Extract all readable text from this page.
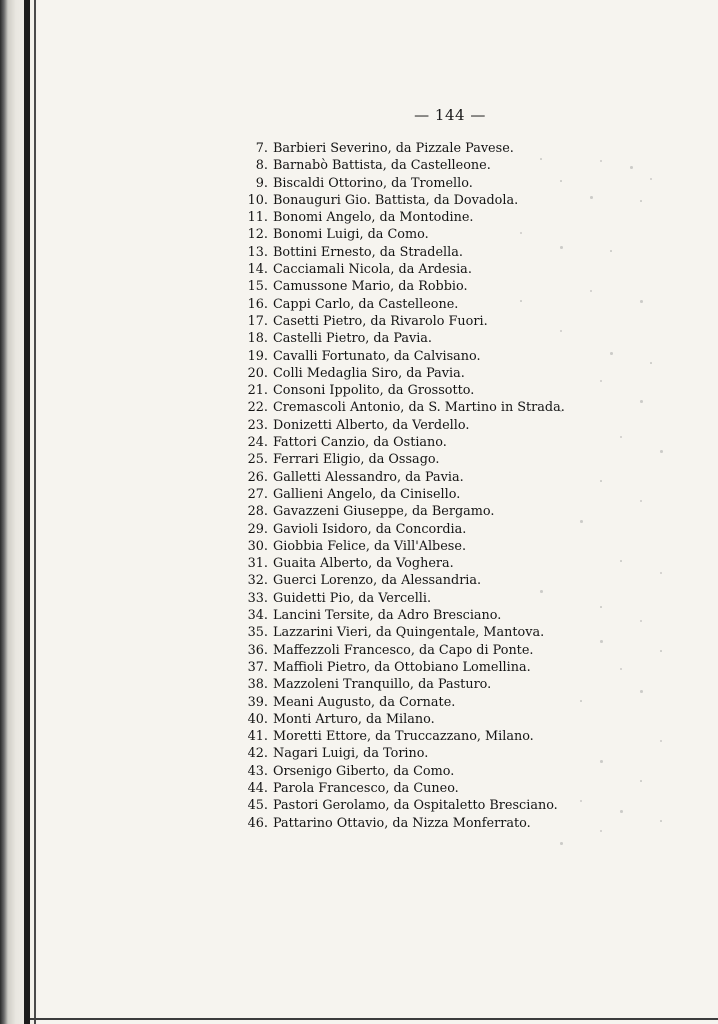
— 144 —
7. Barbieri Severino, da Pizzale Pavese.
8. Barnabò Battista, da Castelleone.
9. Biscaldi Ottorino, da Tromello.
10. Bonauguri Gio. Battista, da Dovadola.
11. Bonomi Angelo, da Montodine.
12. Bonomi Luigi, da Como.
13. Bottini Ernesto, da Stradella.
14. Cacciamali Nicola, da Ardesia.
15. Camussone Mario, da Robbio.
16. Cappi Carlo, da Castelleone.
17. Casetti Pietro, da Rivarolo Fuori.
18. Castelli Pietro, da Pavia.
19. Cavalli Fortunato, da Calvisano.
20. Colli Medaglia Siro, da Pavia.
21. Consoni Ippolito, da Grossotto.
22. Cremascoli Antonio, da S. Martino in Strada.
23. Donizetti Alberto, da Verdello.
24. Fattori Canzio, da Ostiano.
25. Ferrari Eligio, da Ossago.
26. Galletti Alessandro, da Pavia.
27. Gallieni Angelo, da Cinisello.
28. Gavazzeni Giuseppe, da Bergamo.
29. Gavioli Isidoro, da Concordia.
30. Giobbia Felice, da Vill'Albese.
31. Guaita Alberto, da Voghera.
32. Guerci Lorenzo, da Alessandria.
33. Guidetti Pio, da Vercelli.
34. Lancini Tersite, da Adro Bresciano.
35. Lazzarini Vieri, da Quingentale, Mantova.
36. Maffezzoli Francesco, da Capo di Ponte.
37. Maffioli Pietro, da Ottobiano Lomellina.
38. Mazzoleni Tranquillo, da Pasturo.
39. Meani Augusto, da Cornate.
40. Monti Arturo, da Milano.
41. Moretti Ettore, da Truccazzano, Milano.
42. Nagari Luigi, da Torino.
43. Orsenigo Giberto, da Como.
44. Parola Francesco, da Cuneo.
45. Pastori Gerolamo, da Ospitaletto Bresciano.
46. Pattarino Ottavio, da Nizza Monferrato.
